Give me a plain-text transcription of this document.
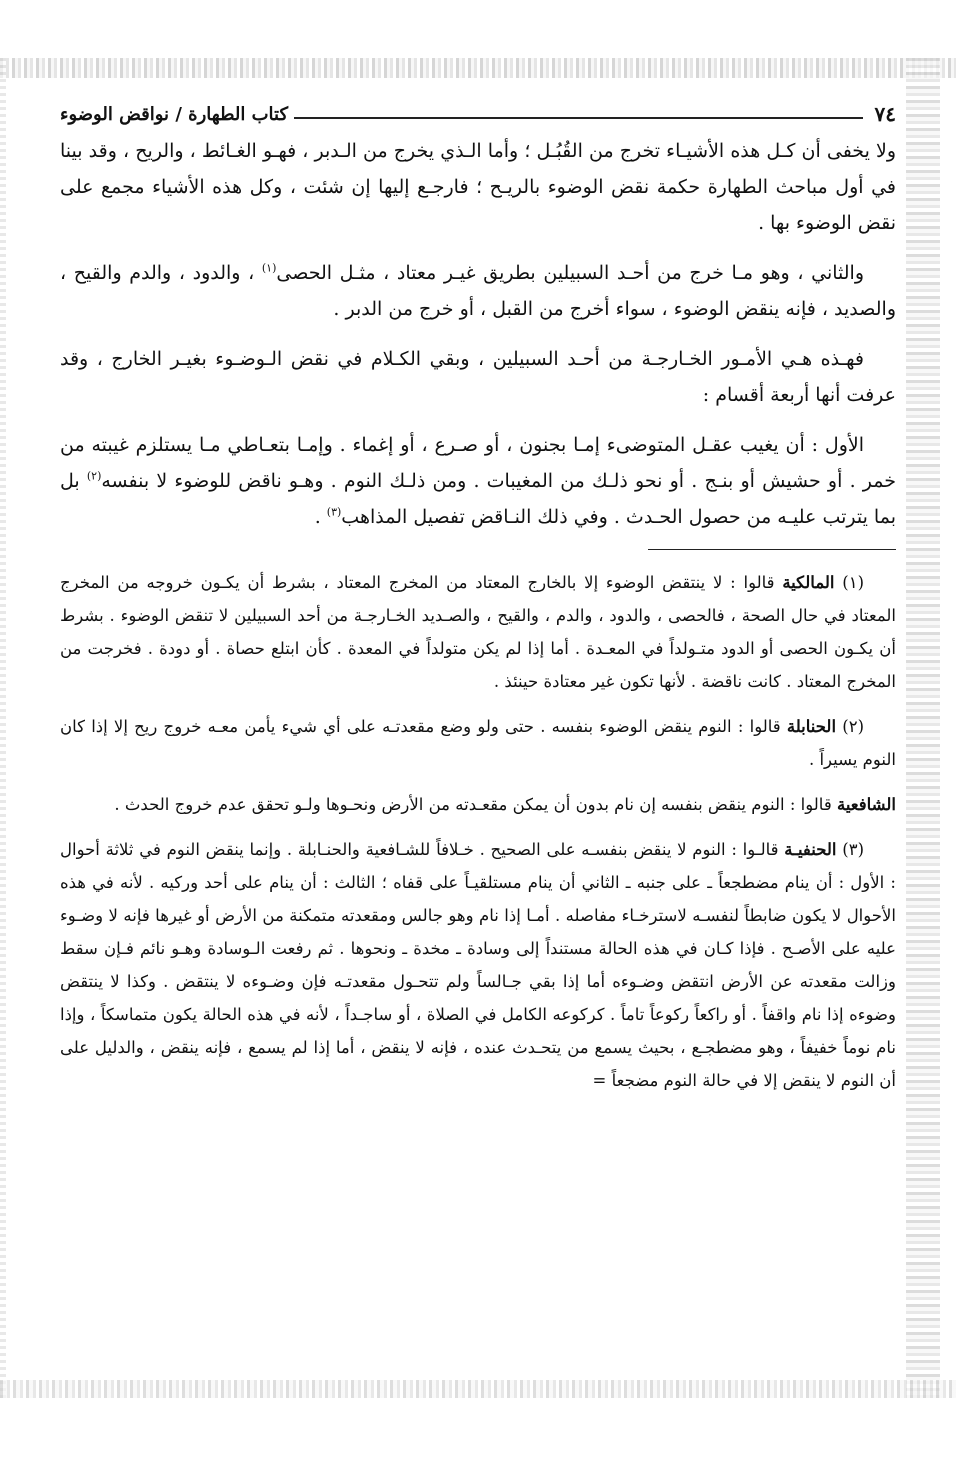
٧٤
كتاب الطهارة / نواقض الوضوء

ولا يخفى أن كـل هذه الأشيـاء تخرج من القُبُـل ؛ وأما الـذي يخرج من الـدبر ، فهـو الغـائط ، والريح ، وقد بينا في أول مباحث الطهارة حكمة نقض الوضوء بالريـح ؛ فارجـع إليها إن شئت ، وكل هذه الأشياء مجمع على نقض الوضوء بها .

والثاني ، وهو مـا خرج من أحـد السبيلين بطريق غيـر معتاد ، مثـل الحصى$^{(١)}$ ، والدود ، والدم والقيح ، والصديد ، فإنه ينقض الوضوء ، سواء أخرج من القبل ، أو خرج من الدبر .

فهـذه هـي الأمـور الخـارجـة من أحـد السبيلين ، وبقي الكـلام في نقض الـوضـوء بغيـر الخارج ، وقد عرفت أنها أربعة أقسام :

الأول : أن يغيب عقـل المتوضىء إمـا بجنون ، أو صـرع ، أو إغماء . وإمـا بتعـاطي مـا يستلزم غيبته من خمر . أو حشيش أو بنـج . أو نحو ذلـك من المغيبات . ومن ذلـك النوم . وهـو ناقض للوضوء لا بنفسه$^{(٢)}$ بل بما يترتب عليـه من حصول الحـدث . وفي ذلك النـاقض تفصيل المذاهب$^{(٣)}$ .

(١) المالكية قالوا : لا ينتقض الوضوء إلا بالخارج المعتاد من المخرج المعتاد ، بشرط أن يكـون خروجه من المخرج المعتاد في حال الصحة ، فالحصى ، والدود ، والدم ، والقيح ، والصـديد الخـارجـة من أحد السبيلين لا تنقض الوضوء . بشرط أن يكـون الحصى أو الدود متـولداً في المعـدة . أما إذا لم يكن متولداً في المعدة . كأن ابتلع حصاة . أو دودة . فخرجت من المخرج المعتاد . كانت ناقضة . لأنها تكون غير معتادة حينئذ .

(٢) الحنابلة قالوا : النوم ينقض الوضوء بنفسه . حتى ولو وضع مقعدتـه على أي شيء يأمن معـه خروج ريح إلا إذا كان النوم يسيراً .

الشافعية قالوا : النوم ينقض بنفسه إن نام بدون أن يمكن مقعـدته من الأرض ونحـوها ولـو تحقق عدم خروج الحدث .

(٣) الحنفيـة قالـوا : النوم لا ينقض بنفسـه على الصحيح . خـلافاً للشـافعية والحنـابلة . وإنما ينقض النوم في ثلاثة أحوال : الأول : أن ينام مضطجعاً ـ على جنبه ـ الثاني أن ينام مستلقيـاً على قفاه ؛ الثالث : أن ينام على أحد وركيه . لأنه في هذه الأحوال لا يكون ضابطاً لنفسـه لاسترخـاء مفاصله . أمـا إذا نام وهو جالس ومقعدته متمكنة من الأرض أو غيرها فإنه لا وضـوء عليه على الأصـح . فإذا كـان في هذه الحالة مستنداً إلى وسادة ـ مخدة ـ ونحوها . ثم رفعت الـوسادة وهـو نائم فـإن سقط وزالت مقعدته عن الأرض انتقض وضـوءه أما إذا بقي جـالساً ولم تتحـول مقعدتـه فإن وضـوءه لا ينتقض . وكذا لا ينتقض وضوءه إذا نام واقفاً . أو راكعاً ركوعاً تاماً . كركوعه الكامل في الصلاة ، أو ساجـداً ، لأنه في هذه الحالة يكون متماسكاً ، وإذا نام نوماً خفيفاً ، وهو مضطجـع ، بحيث يسمع من يتحـدث عنده ، فإنه لا ينقض ، أما إذا لم يسمع ، فإنه ينقض ، والدليل على أن النوم لا ينقض إلا في حالة النوم مضجعاً =
